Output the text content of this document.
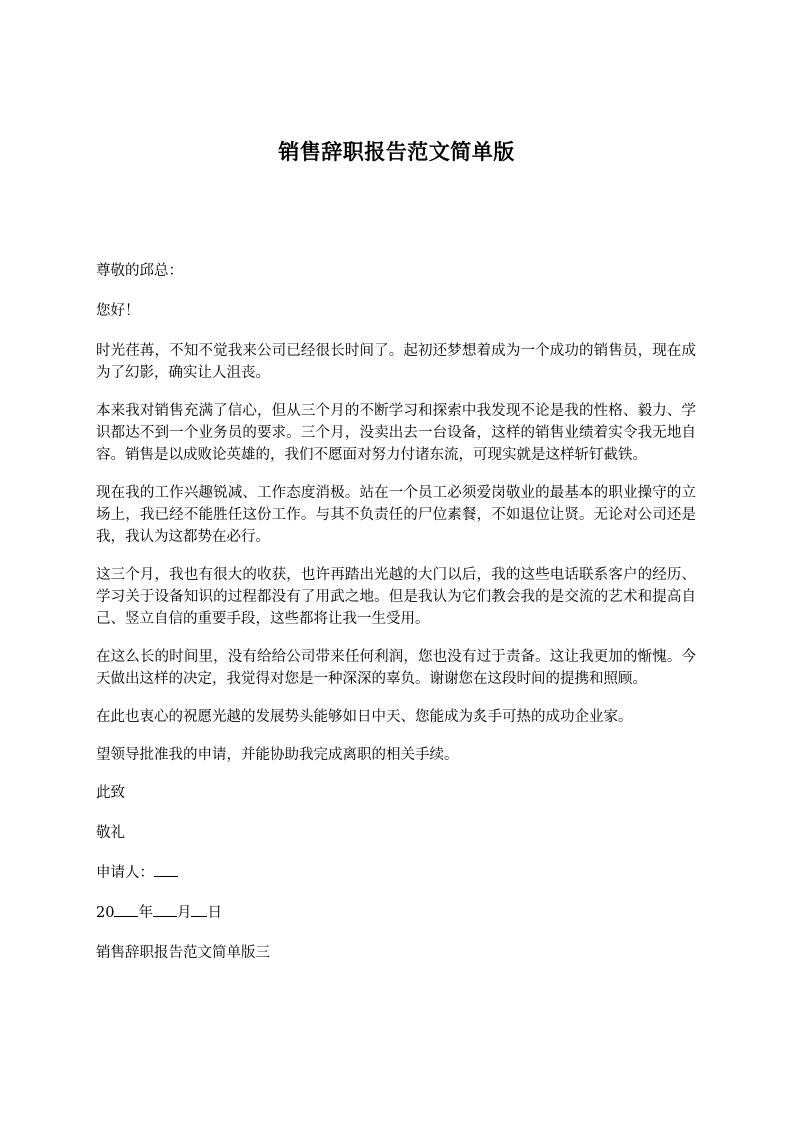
销售辞职报告范文简单版

尊敬的邱总：

您好！

时光荏苒，不知不觉我来公司已经很长时间了。起初还梦想着成为一个成功的销售员，现在成为了幻影，确实让人沮丧。

本来我对销售充满了信心，但从三个月的不断学习和探索中我发现不论是我的性格、毅力、学识都达不到一个业务员的要求。三个月，没卖出去一台设备，这样的销售业绩着实令我无地自容。销售是以成败论英雄的，我们不愿面对努力付诸东流，可现实就是这样斩钉截铁。

现在我的工作兴趣锐减、工作态度消极。站在一个员工必须爱岗敬业的最基本的职业操守的立场上，我已经不能胜任这份工作。与其不负责任的尸位素餐，不如退位让贤。无论对公司还是我，我认为这都势在必行。

这三个月，我也有很大的收获，也许再踏出光越的大门以后，我的这些电话联系客户的经历、学习关于设备知识的过程都没有了用武之地。但是我认为它们教会我的是交流的艺术和提高自己、竖立自信的重要手段，这些都将让我一生受用。

在这么长的时间里，没有给给公司带来任何利润，您也没有过于责备。这让我更加的惭愧。今天做出这样的决定，我觉得对您是一种深深的辜负。谢谢您在这段时间的提携和照顾。

在此也衷心的祝愿光越的发展势头能够如日中天、您能成为炙手可热的成功企业家。

望领导批准我的申请，并能协助我完成离职的相关手续。

此致

敬礼

申请人：

20 年 月 日

销售辞职报告范文简单版三
